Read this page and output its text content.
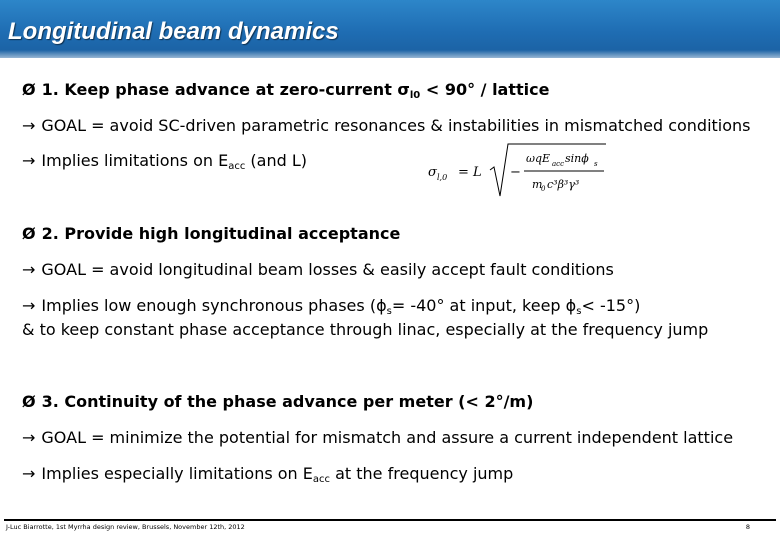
Longitudinal beam dynamics
Ø 1. Keep phase advance at zero-current $\sigma_{l0} < 90^\circ$ / lattice
→ GOAL = avoid SC-driven parametric resonances & instabilities in mismatched conditions
→ Implies limitations on $E_{acc}$ (and L)
σ l,0 = L −
ωqE acc sinϕ s
m
0 c³β³γ³
Ø 2. Provide high longitudinal acceptance
→ GOAL = avoid longitudinal beam losses & easily accept fault conditions
→ Implies low enough synchronous phases ($\phi_s= -40^\circ$ at input, keep $\phi_s< -15^\circ$)
& to keep constant phase acceptance through linac, especially at the frequency jump
Ø 3. Continuity of the phase advance per meter (< 2°/m)
→ GOAL = minimize the potential for mismatch and assure a current independent lattice
→ Implies especially limitations on $E_{acc}$ at the frequency jump
J-Luc Biarrotte, 1st Myrrha design review, Brussels, November 12th, 2012	8
